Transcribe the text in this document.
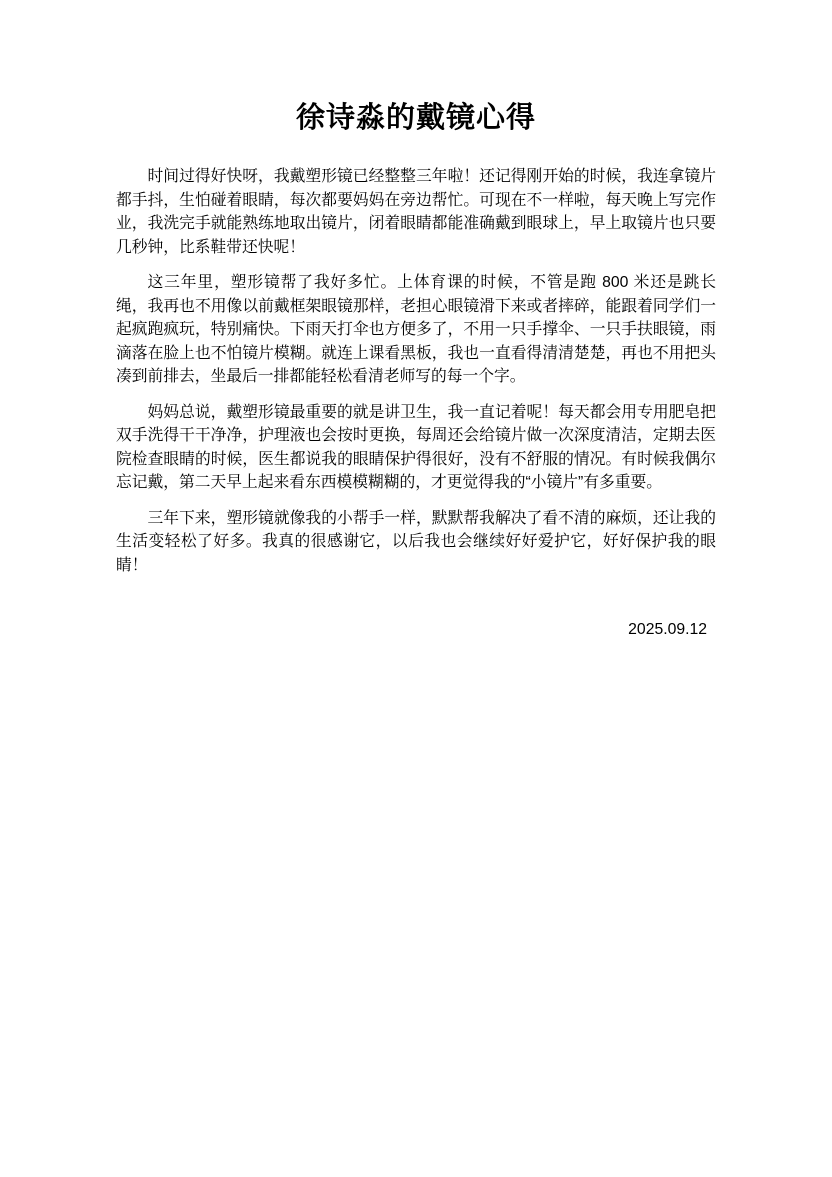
徐诗淼的戴镜心得

时间过得好快呀，我戴塑形镜已经整整三年啦！还记得刚开始的时候，我连拿镜片都手抖，生怕碰着眼睛，每次都要妈妈在旁边帮忙。可现在不一样啦，每天晚上写完作业，我洗完手就能熟练地取出镜片，闭着眼睛都能准确戴到眼球上，早上取镜片也只要几秒钟，比系鞋带还快呢！

这三年里，塑形镜帮了我好多忙。上体育课的时候，不管是跑 800 米还是跳长绳，我再也不用像以前戴框架眼镜那样，老担心眼镜滑下来或者摔碎，能跟着同学们一起疯跑疯玩，特别痛快。下雨天打伞也方便多了，不用一只手撑伞、一只手扶眼镜，雨滴落在脸上也不怕镜片模糊。就连上课看黑板，我也一直看得清清楚楚，再也不用把头凑到前排去，坐最后一排都能轻松看清老师写的每一个字。

妈妈总说，戴塑形镜最重要的就是讲卫生，我一直记着呢！每天都会用专用肥皂把双手洗得干干净净，护理液也会按时更换，每周还会给镜片做一次深度清洁，定期去医院检查眼睛的时候，医生都说我的眼睛保护得很好，没有不舒服的情况。有时候我偶尔忘记戴，第二天早上起来看东西模模糊糊的，才更觉得我的“小镜片”有多重要。

三年下来，塑形镜就像我的小帮手一样，默默帮我解决了看不清的麻烦，还让我的生活变轻松了好多。我真的很感谢它，以后我也会继续好好爱护它，好好保护我的眼睛！

2025.09.12
